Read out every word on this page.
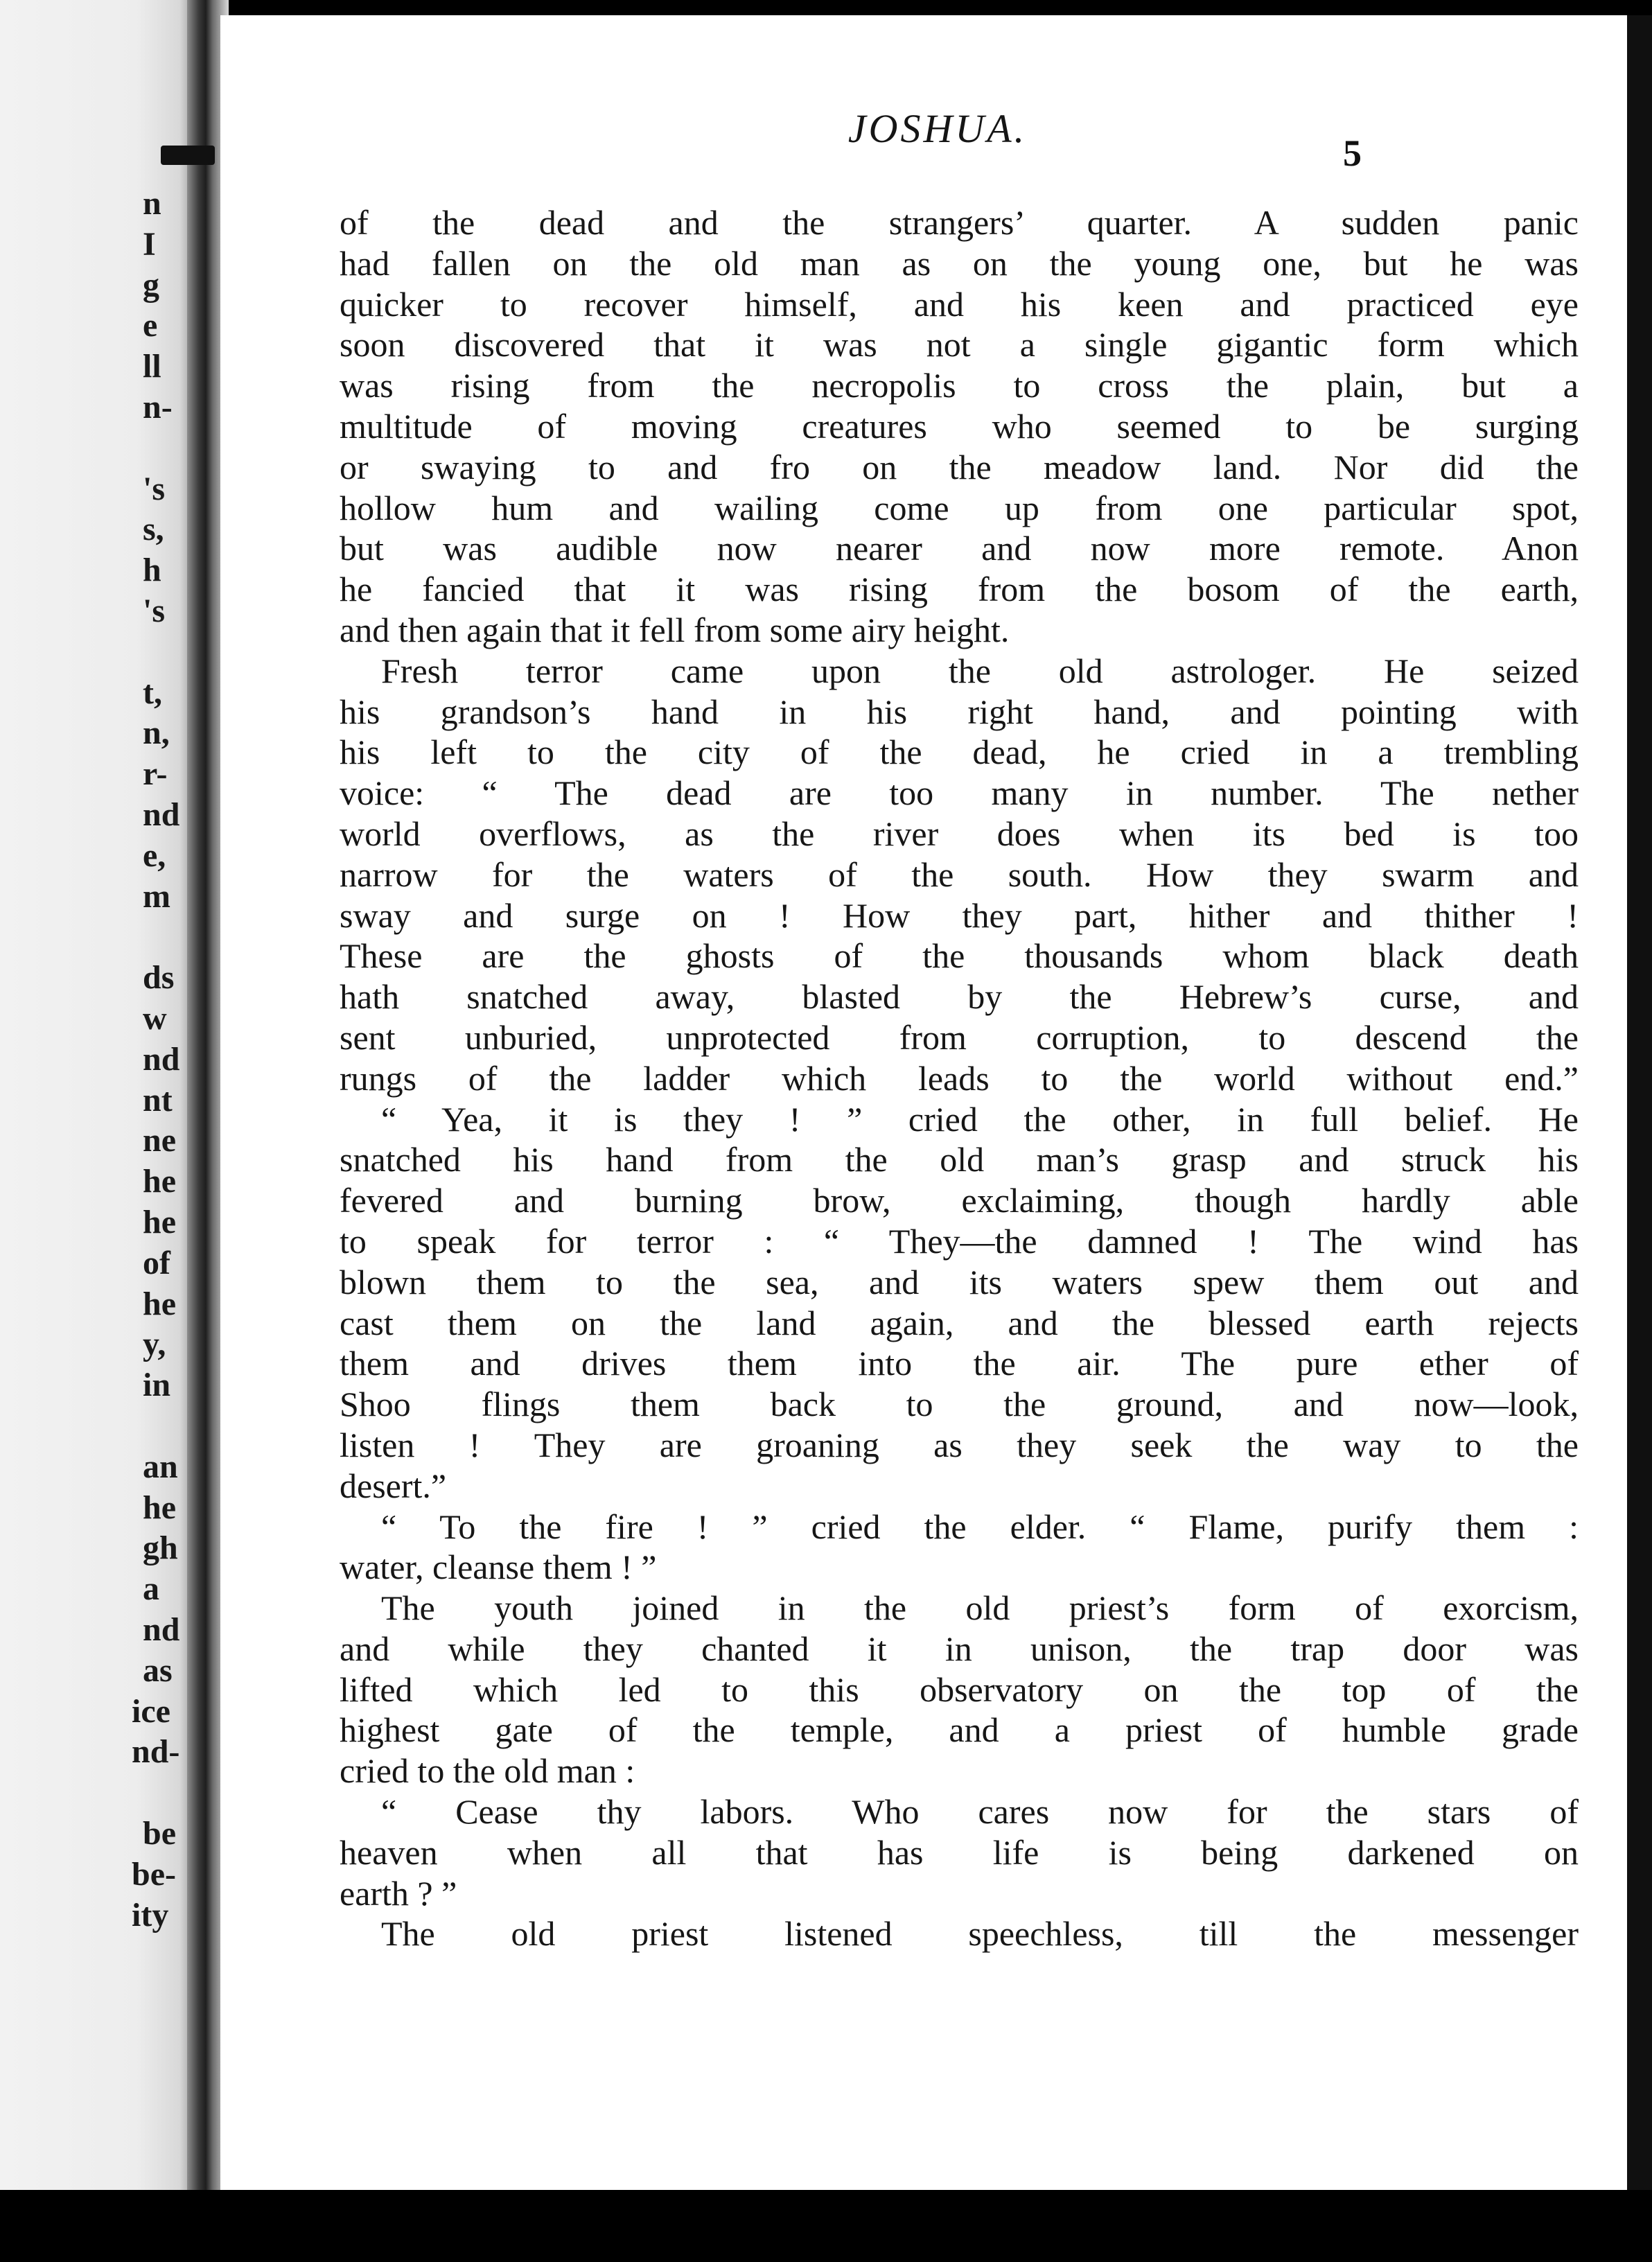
n
I
g
e
ll
n-
's
s,
h
's
t,
n,
r-
nd
e,
m
ds
w
nd
nt
ne
he
he
of
he
y,
in
an
he
gh
a
nd
as
ice
nd-
be
be-
ity
JOSHUA.
5
of the dead and the strangers’ quarter. A sudden panic
had fallen on the old man as on the young one, but he was
quicker to recover himself, and his keen and practiced eye
soon discovered that it was not a single gigantic form which
was rising from the necropolis to cross the plain, but a
multitude of moving creatures who seemed to be surging
or swaying to and fro on the meadow land. Nor did the
hollow hum and wailing come up from one particular spot,
but was audible now nearer and now more remote. Anon
he fancied that it was rising from the bosom of the earth,
and then again that it fell from some airy height.
Fresh terror came upon the old astrologer. He seized
his grandson’s hand in his right hand, and pointing with
his left to the city of the dead, he cried in a trembling
voice: “ The dead are too many in number. The nether
world overflows, as the river does when its bed is too
narrow for the waters of the south. How they swarm and
sway and surge on ! How they part, hither and thither !
These are the ghosts of the thousands whom black death
hath snatched away, blasted by the Hebrew’s curse, and
sent unburied, unprotected from corruption, to descend the
rungs of the ladder which leads to the world without end.”
“ Yea, it is they ! ” cried the other, in full belief. He
snatched his hand from the old man’s grasp and struck his
fevered and burning brow, exclaiming, though hardly able
to speak for terror : “ They—the damned ! The wind has
blown them to the sea, and its waters spew them out and
cast them on the land again, and the blessed earth rejects
them and drives them into the air. The pure ether of
Shoo flings them back to the ground, and now—look,
listen ! They are groaning as they seek the way to the
desert.”
“ To the fire ! ” cried the elder. “ Flame, purify them :
water, cleanse them ! ”
The youth joined in the old priest’s form of exorcism,
and while they chanted it in unison, the trap door was
lifted which led to this observatory on the top of the
highest gate of the temple, and a priest of humble grade
cried to the old man :
“ Cease thy labors. Who cares now for the stars of
heaven when all that has life is being darkened on
earth ? ”
The old priest listened speechless, till the messenger
